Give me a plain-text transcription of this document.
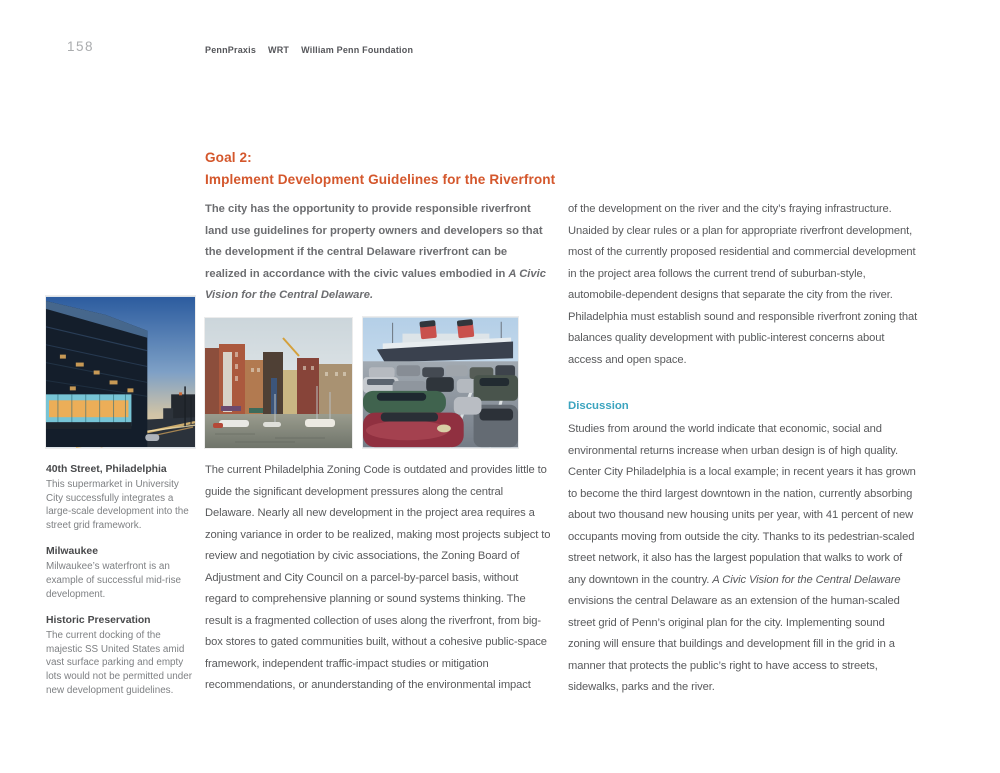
158	PennPraxis WRT William Penn Foundation
Goal 2:
Implement Development Guidelines for the Riverfront
The city has the opportunity to provide responsible riverfront land use guidelines for property owners and developers so that the development if the central Delaware riverfront can be realized in accordance with the civic values embodied in A Civic Vision for the Central Delaware.
of the development on the river and the city’s fraying infrastructure. Unaided by clear rules or a plan for appropriate riverfront development, most of the currently proposed residential and commercial development in the project area follows the current trend of suburban-style, automobile-dependent designs that separate the city from the river. Philadelphia must establish sound and responsible riverfront zoning that balances quality development with public-interest concerns about access and open space.
Discussion
Studies from around the world indicate that economic, social and environmental returns increase when urban design is of high quality. Center City Philadelphia is a local example; in recent years it has grown to become the third largest downtown in the nation, currently absorbing about two thousand new housing units per year, with 41 percent of new occupants moving from outside the city. Thanks to its pedestrian-scaled street network, it also has the largest population that walks to work of any downtown in the country. A Civic Vision for the Central Delaware envisions the central Delaware as an extension of the human-scaled street grid of Penn’s original plan for the city. Implementing sound zoning will ensure that buildings and development fill in the grid in a manner that protects the public’s right to have access to streets, sidewalks, parks and the river.
The current Philadelphia Zoning Code is outdated and provides little to guide the significant development pressures along the central Delaware. Nearly all new development in the project area requires a zoning variance in order to be realized, making most projects subject to review and negotiation by civic associations, the Zoning Board of Adjustment and City Council on a parcel-by-parcel basis, without regard to comprehensive planning or sound systems thinking. The result is a fragmented collection of uses along the riverfront, from big-box stores to gated communities built, without a cohesive public-space framework, independent traffic-impact studies or mitigation recommendations, or anunderstanding of the environmental impact
40th Street, Philadelphia
This supermarket in University City successfully integrates a large-scale development into the street grid framework.
Milwaukee
Milwaukee’s waterfront is an example of successful mid-rise development.
Historic Preservation
The current docking of the majestic SS United States amid vast surface parking and empty lots would not be permitted under new development guidelines.
